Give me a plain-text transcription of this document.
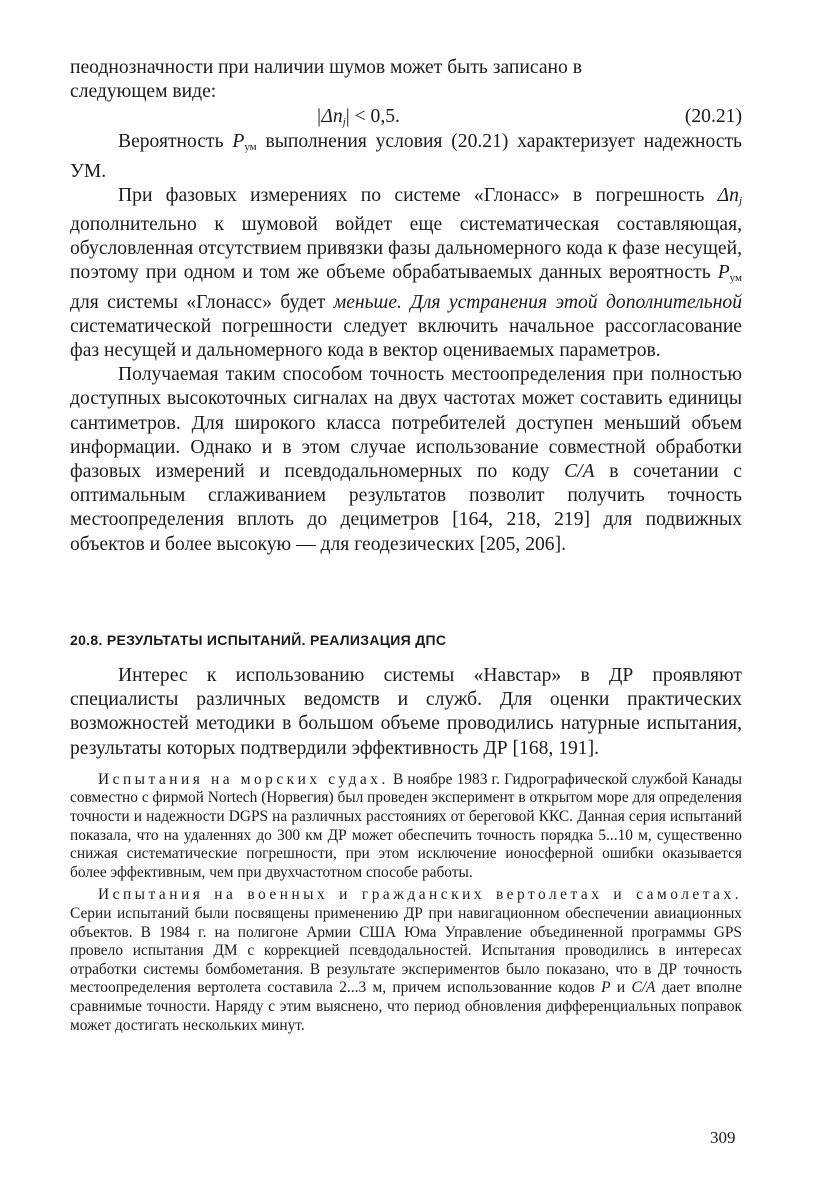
пеоднозначности при наличии шумов может быть записано в
следующем виде:

$|\Delta n_j| < 0,5$.	(20.21)

Вероятность $P_{ум}$ выполнения условия (20.21) характеризует надежность УМ.

При фазовых измерениях по системе «Глонасс» в погрешность $\Delta n_j$ дополнительно к шумовой войдет еще систематическая составляющая, обусловленная отсутствием привязки фазы дальномерного кода к фазе несущей, поэтому при одном и том же объеме обрабатываемых данных вероятность $P_{ум}$ для системы «Глонасс» будет меньше. Для устранения этой дополнительной систематической погрешности следует включить начальное рассогласование фаз несущей и дальномерного кода в вектор оцениваемых параметров.

Получаемая таким способом точность местоопределения при полностью доступных высокоточных сигналах на двух частотах может составить единицы сантиметров. Для широкого класса потребителей доступен меньший объем информации. Однако и в этом случае использование совместной обработки фазовых измерений и псевдодальномерных по коду C/A в сочетании с оптимальным сглаживанием результатов позволит получить точность местоопределения вплоть до дециметров [164, 218, 219] для подвижных объектов и более высокую — для геодезических [205, 206].

20.8. РЕЗУЛЬТАТЫ ИСПЫТАНИЙ. РЕАЛИЗАЦИЯ ДПС

Интерес к использованию системы «Навстар» в ДР проявляют специалисты различных ведомств и служб. Для оценки практических возможностей методики в большом объеме проводились натурные испытания, результаты которых подтвердили эффективность ДР [168, 191].

Испытания на морских судах. В ноябре 1983 г. Гидрографической службой Канады совместно с фирмой Nortech (Норвегия) был проведен эксперимент в открытом море для определения точности и надежности DGPS на различных расстояниях от береговой ККС. Данная серия испытаний показала, что на удаленнях до 300 км ДР может обеспечить точность порядка 5...10 м, существенно снижая систематические погрешности, при этом исключение ионосферной ошибки оказывается более эффективным, чем при двухчастотном способе работы.

Испытания на военных и гражданских вертолетах и самолетах. Серии испытаний были посвящены применению ДР при навигационном обеспечении авиационных объектов. В 1984 г. на полигоне Армии США Юма Управление объединенной программы GPS провело испытания ДМ с коррекцией псевдодальностей. Испытания проводились в интересах отработки системы бомбометания. В результате экспериментов было показано, что в ДР точность местоопределения вертолета составила 2...3 м, причем использованние кодов P и C/A дает вполне сравнимые точности. Наряду с этим выяснено, что период обновления дифференциальных поправок может достигать нескольких минут.

309
